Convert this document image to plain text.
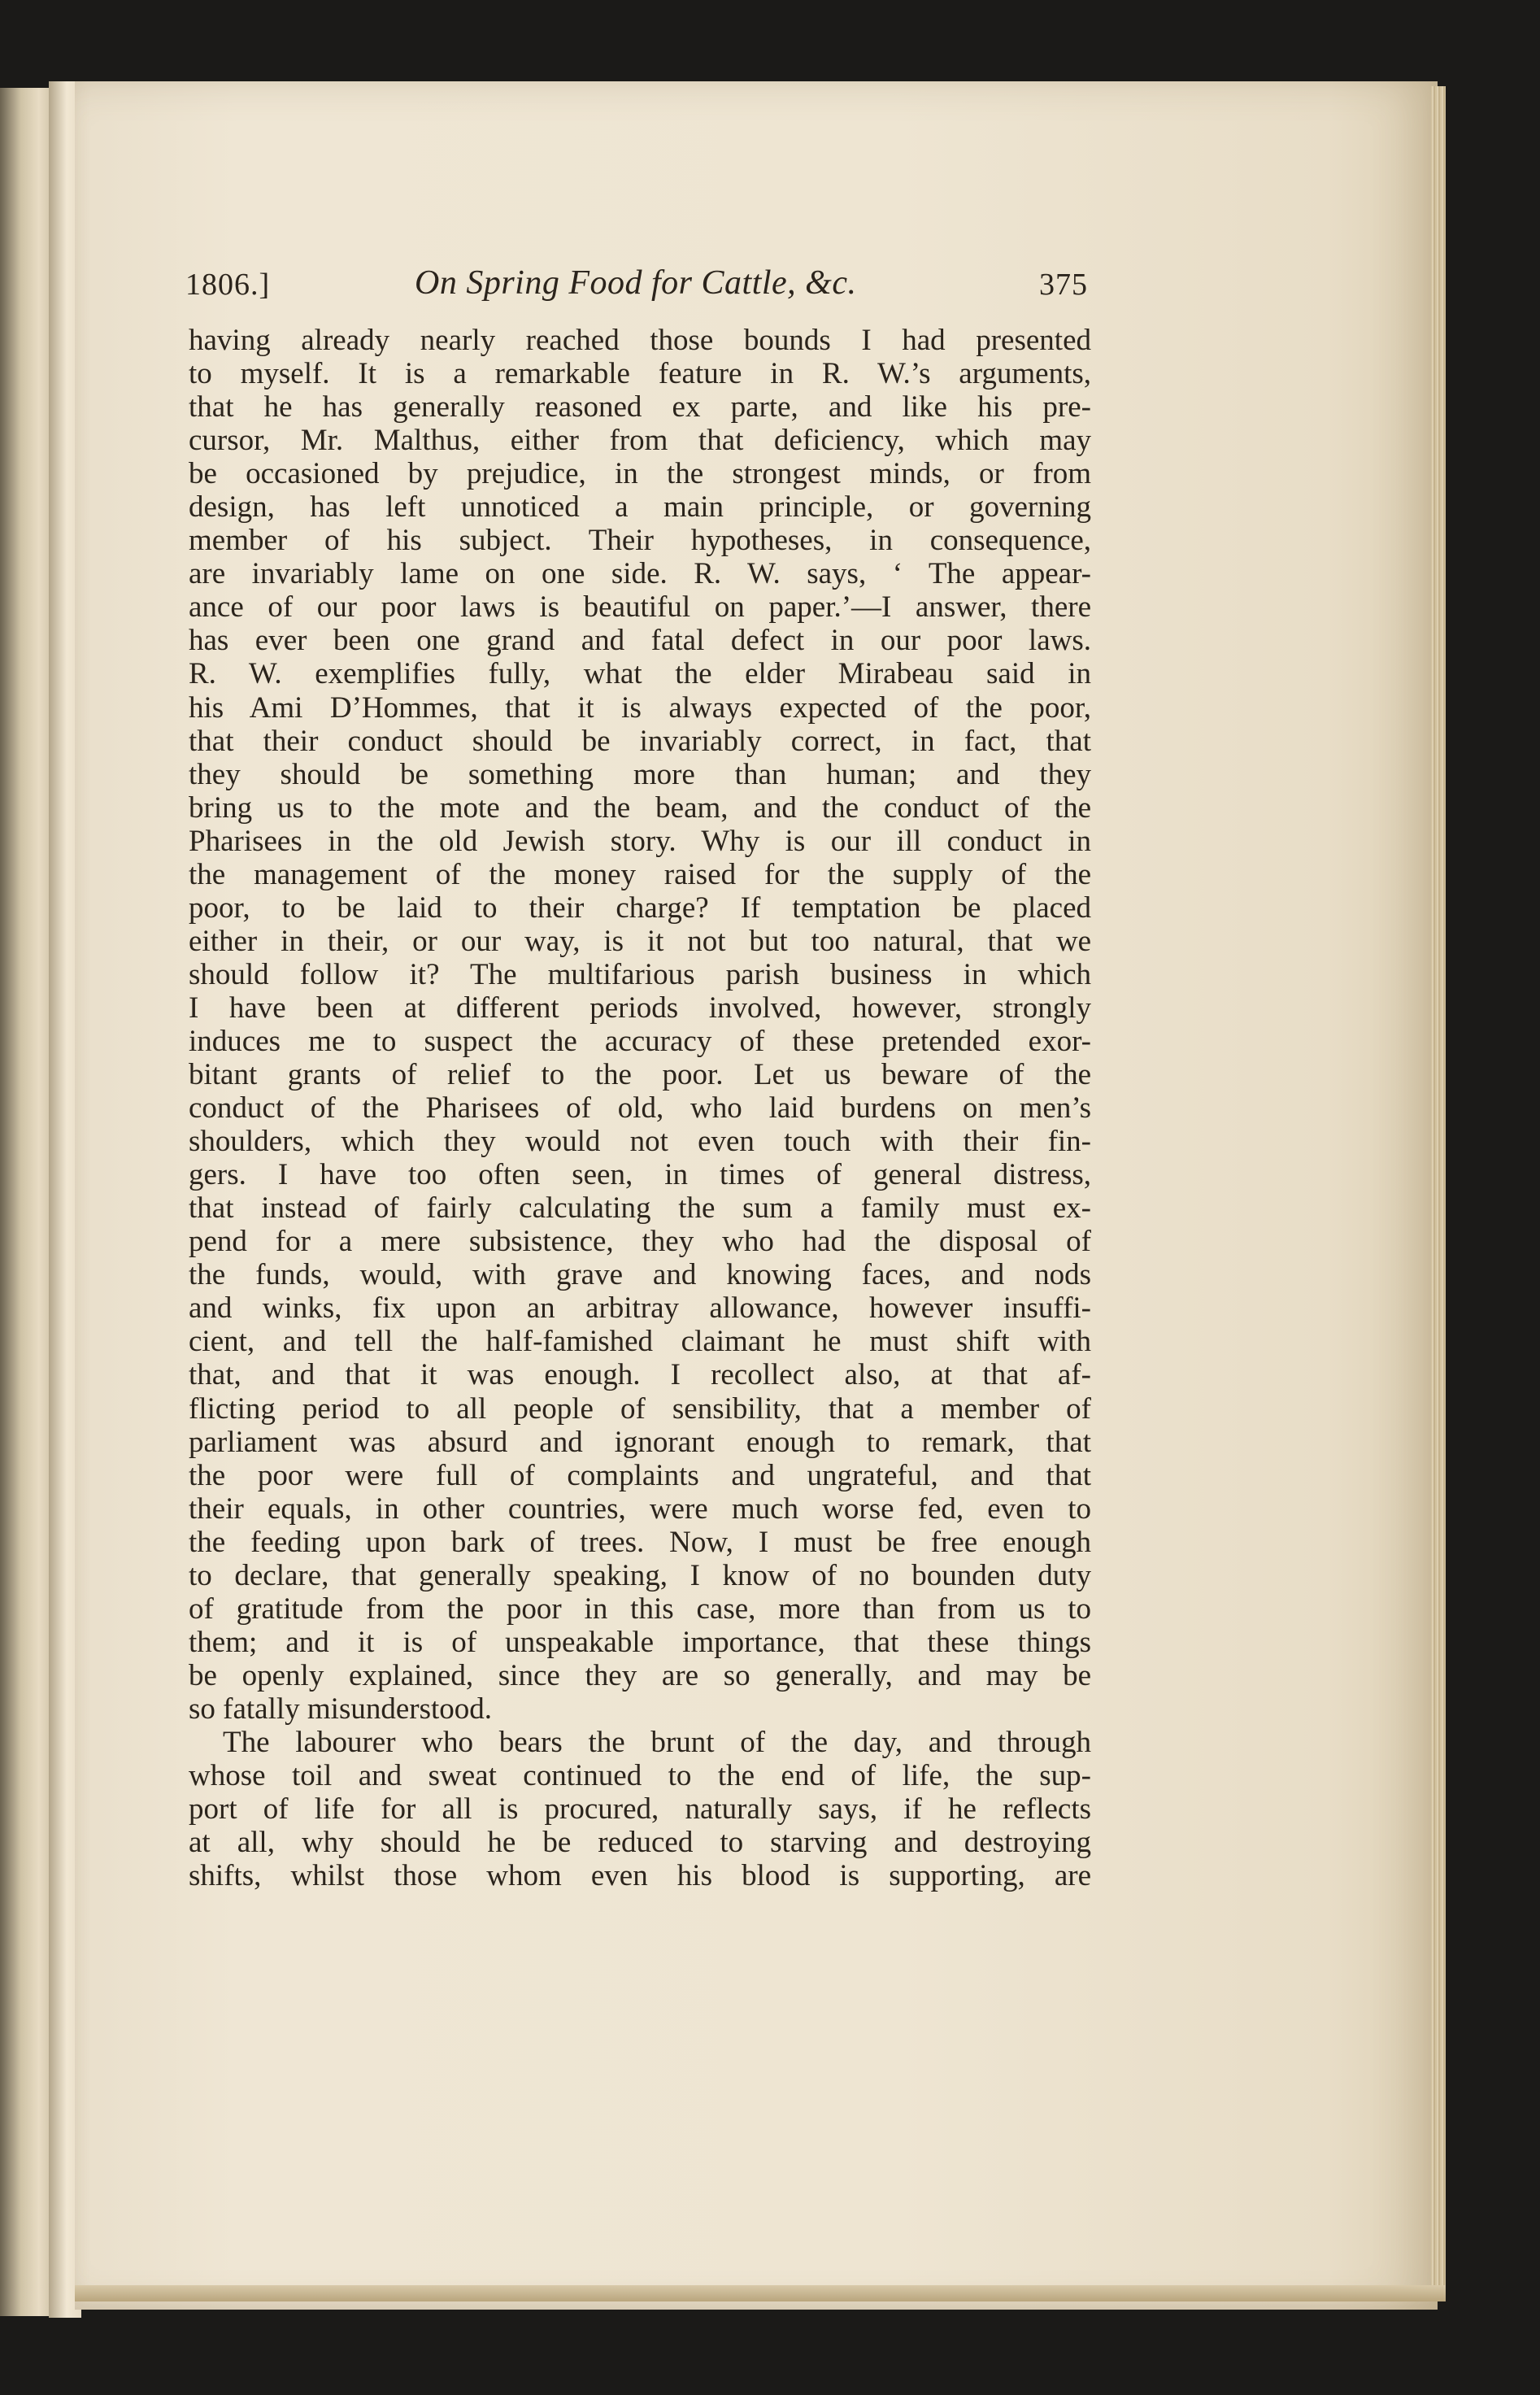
1806.]	On Spring Food for Cattle, &c.	375
having already nearly reached those bounds I had presented
to myself. It is a remarkable feature in R. W.’s arguments,
that he has generally reasoned ex parte, and like his pre-
cursor, Mr. Malthus, either from that deficiency, which may
be occasioned by prejudice, in the strongest minds, or from
design, has left unnoticed a main principle, or governing
member of his subject. Their hypotheses, in consequence,
are invariably lame on one side. R. W. says, ‘ The appear-
ance of our poor laws is beautiful on paper.’—I answer, there
has ever been one grand and fatal defect in our poor laws.
R. W. exemplifies fully, what the elder Mirabeau said in
his Ami D’Hommes, that it is always expected of the poor,
that their conduct should be invariably correct, in fact, that
they should be something more than human; and they
bring us to the mote and the beam, and the conduct of the
Pharisees in the old Jewish story. Why is our ill conduct in
the management of the money raised for the supply of the
poor, to be laid to their charge? If temptation be placed
either in their, or our way, is it not but too natural, that we
should follow it? The multifarious parish business in which
I have been at different periods involved, however, strongly
induces me to suspect the accuracy of these pretended exor-
bitant grants of relief to the poor. Let us beware of the
conduct of the Pharisees of old, who laid burdens on men’s
shoulders, which they would not even touch with their fin-
gers. I have too often seen, in times of general distress,
that instead of fairly calculating the sum a family must ex-
pend for a mere subsistence, they who had the disposal of
the funds, would, with grave and knowing faces, and nods
and winks, fix upon an arbitray allowance, however insuffi-
cient, and tell the half-famished claimant he must shift with
that, and that it was enough. I recollect also, at that af-
flicting period to all people of sensibility, that a member of
parliament was absurd and ignorant enough to remark, that
the poor were full of complaints and ungrateful, and that
their equals, in other countries, were much worse fed, even to
the feeding upon bark of trees. Now, I must be free enough
to declare, that generally speaking, I know of no bounden duty
of gratitude from the poor in this case, more than from us to
them; and it is of unspeakable importance, that these things
be openly explained, since they are so generally, and may be
so fatally misunderstood.
The labourer who bears the brunt of the day, and through
whose toil and sweat continued to the end of life, the sup-
port of life for all is procured, naturally says, if he reflects
at all, why should he be reduced to starving and destroying
shifts, whilst those whom even his blood is supporting, are
